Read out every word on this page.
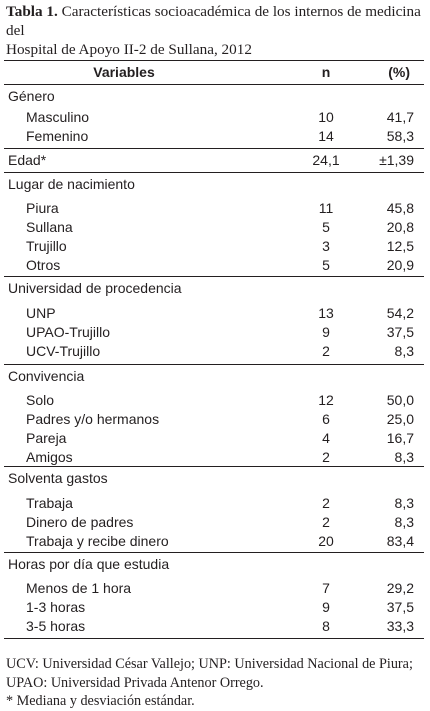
Tabla 1. Características socioacadémica de los internos de medicina del
Hospital de Apoyo II-2 de Sullana, 2012
Variables	n	(%)
Género
Masculino	10	41,7
Femenino	14	58,3
Edad*	24,1	±1,39
Lugar de nacimiento
Piura	11	45,8
Sullana	5	20,8
Trujillo	3	12,5
Otros	5	20,9
Universidad de procedencia
UNP	13	54,2
UPAO-Trujillo	9	37,5
UCV-Trujillo	2	8,3
Convivencia
Solo	12	50,0
Padres y/o hermanos	6	25,0
Pareja	4	16,7
Amigos	2	8,3
Solventa gastos
Trabaja	2	8,3
Dinero de padres	2	8,3
Trabaja y recibe dinero	20	83,4
Horas por día que estudia
Menos de 1 hora	7	29,2
1-3 horas	9	37,5
3-5 horas	8	33,3
UCV: Universidad César Vallejo; UNP: Universidad Nacional de Piura;
UPAO: Universidad Privada Antenor Orrego.
* Mediana y desviación estándar.
